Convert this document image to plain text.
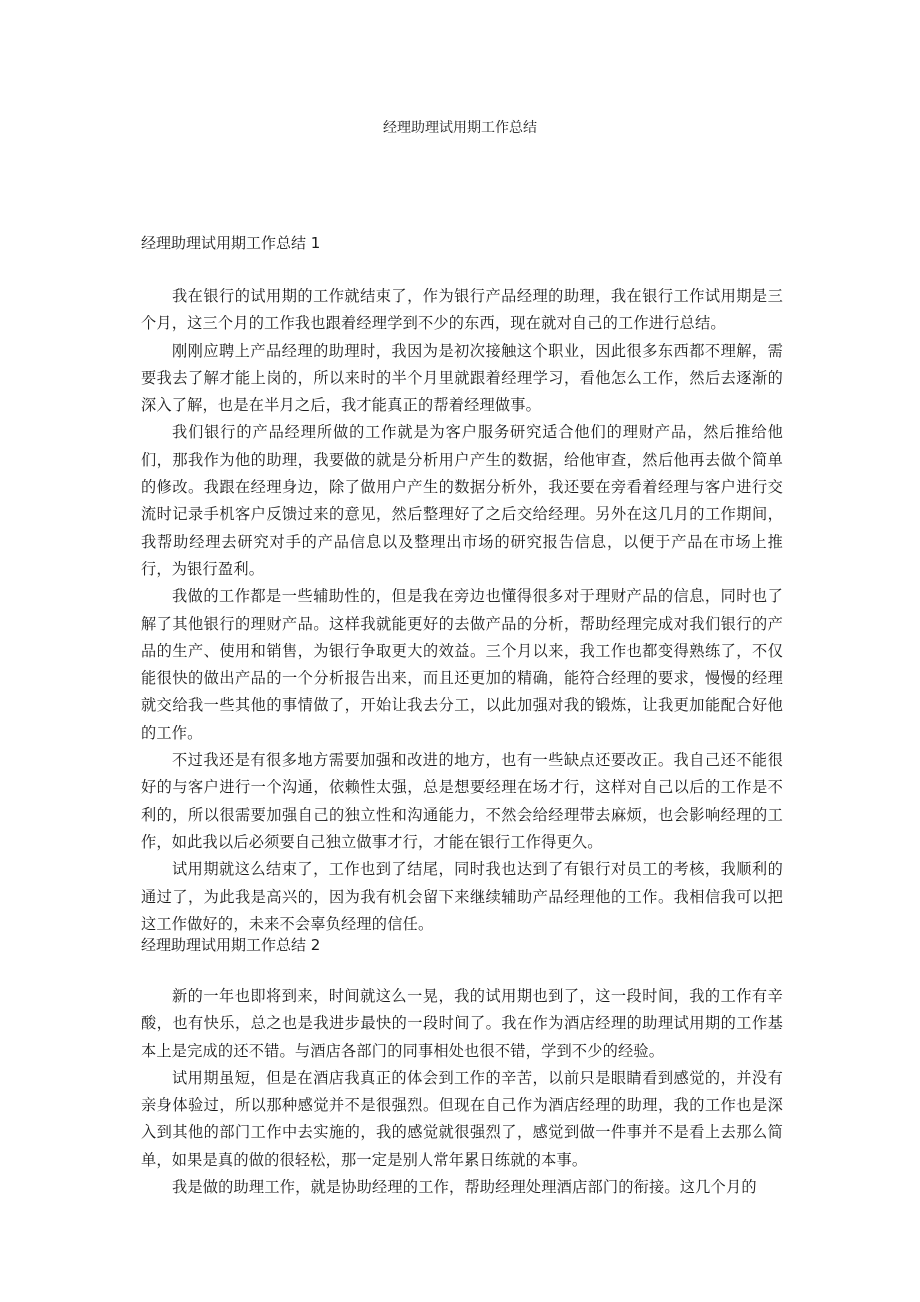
经理助理试用期工作总结
经理助理试用期工作总结 1

我在银行的试用期的工作就结束了，作为银行产品经理的助理，我在银行工作试用期是三个月，这三个月的工作我也跟着经理学到不少的东西，现在就对自己的工作进行总结。

刚刚应聘上产品经理的助理时，我因为是初次接触这个职业，因此很多东西都不理解，需要我去了解才能上岗的，所以来时的半个月里就跟着经理学习，看他怎么工作，然后去逐渐的深入了解，也是在半月之后，我才能真正的帮着经理做事。

我们银行的产品经理所做的工作就是为客户服务研究适合他们的理财产品，然后推给他们，那我作为他的助理，我要做的就是分析用户产生的数据，给他审查，然后他再去做个简单的修改。我跟在经理身边，除了做用户产生的数据分析外，我还要在旁看着经理与客户进行交流时记录手机客户反馈过来的意见，然后整理好了之后交给经理。另外在这几月的工作期间，我帮助经理去研究对手的产品信息以及整理出市场的研究报告信息，以便于产品在市场上推行，为银行盈利。

我做的工作都是一些辅助性的，但是我在旁边也懂得很多对于理财产品的信息，同时也了解了其他银行的理财产品。这样我就能更好的去做产品的分析，帮助经理完成对我们银行的产品的生产、使用和销售，为银行争取更大的效益。三个月以来，我工作也都变得熟练了，不仅能很快的做出产品的一个分析报告出来，而且还更加的精确，能符合经理的要求，慢慢的经理就交给我一些其他的事情做了，开始让我去分工，以此加强对我的锻炼，让我更加能配合好他的工作。

不过我还是有很多地方需要加强和改进的地方，也有一些缺点还要改正。我自己还不能很好的与客户进行一个沟通，依赖性太强，总是想要经理在场才行，这样对自己以后的工作是不利的，所以很需要加强自己的独立性和沟通能力，不然会给经理带去麻烦，也会影响经理的工作，如此我以后必须要自己独立做事才行，才能在银行工作得更久。

试用期就这么结束了，工作也到了结尾，同时我也达到了有银行对员工的考核，我顺利的通过了，为此我是高兴的，因为我有机会留下来继续辅助产品经理他的工作。我相信我可以把这工作做好的，未来不会辜负经理的信任。

经理助理试用期工作总结 2

新的一年也即将到来，时间就这么一晃，我的试用期也到了，这一段时间，我的工作有辛酸，也有快乐，总之也是我进步最快的一段时间了。我在作为酒店经理的助理试用期的工作基本上是完成的还不错。与酒店各部门的同事相处也很不错，学到不少的经验。

试用期虽短，但是在酒店我真正的体会到工作的辛苦，以前只是眼睛看到感觉的，并没有亲身体验过，所以那种感觉并不是很强烈。但现在自己作为酒店经理的助理，我的工作也是深入到其他的部门工作中去实施的，我的感觉就很强烈了，感觉到做一件事并不是看上去那么简单，如果是真的做的很轻松，那一定是别人常年累日练就的本事。

我是做的助理工作，就是协助经理的工作，帮助经理处理酒店部门的衔接。这几个月的
